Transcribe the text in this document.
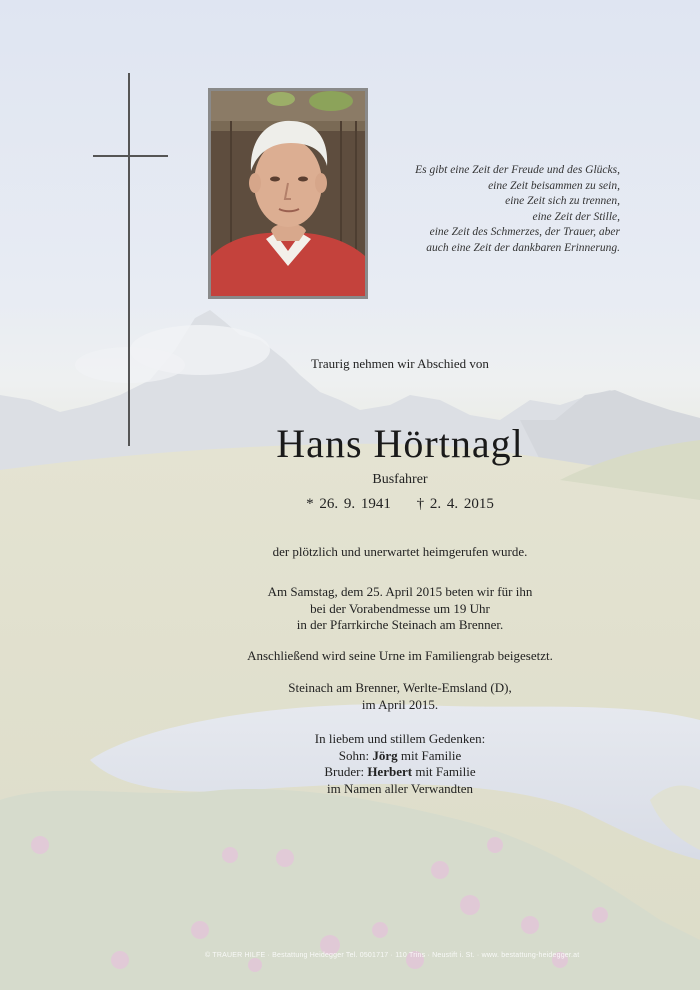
Es gibt eine Zeit der Freude und des Glücks,
eine Zeit beisammen zu sein,
eine Zeit sich zu trennen,
eine Zeit der Stille,
eine Zeit des Schmerzes, der Trauer, aber
auch eine Zeit der dankbaren Erinnerung.
Traurig nehmen wir Abschied von
Hans Hörtnagl
Busfahrer
* 26. 9. 1941 † 2. 4. 2015
der plötzlich und unerwartet heimgerufen wurde.
Am Samstag, dem 25. April 2015 beten wir für ihn
bei der Vorabendmesse um 19 Uhr
in der Pfarrkirche Steinach am Brenner.
Anschließend wird seine Urne im Familiengrab beigesetzt.
Steinach am Brenner, Werlte-Emsland (D),
im April 2015.
In liebem und stillem Gedenken:
Sohn: Jörg mit Familie
Bruder: Herbert mit Familie
im Namen aller Verwandten
© TRAUER HILFE · Bestattung Heidegger Tel. 0501717 · 110 Trins · Neustift i. St. · www. bestattung-heidegger.at
